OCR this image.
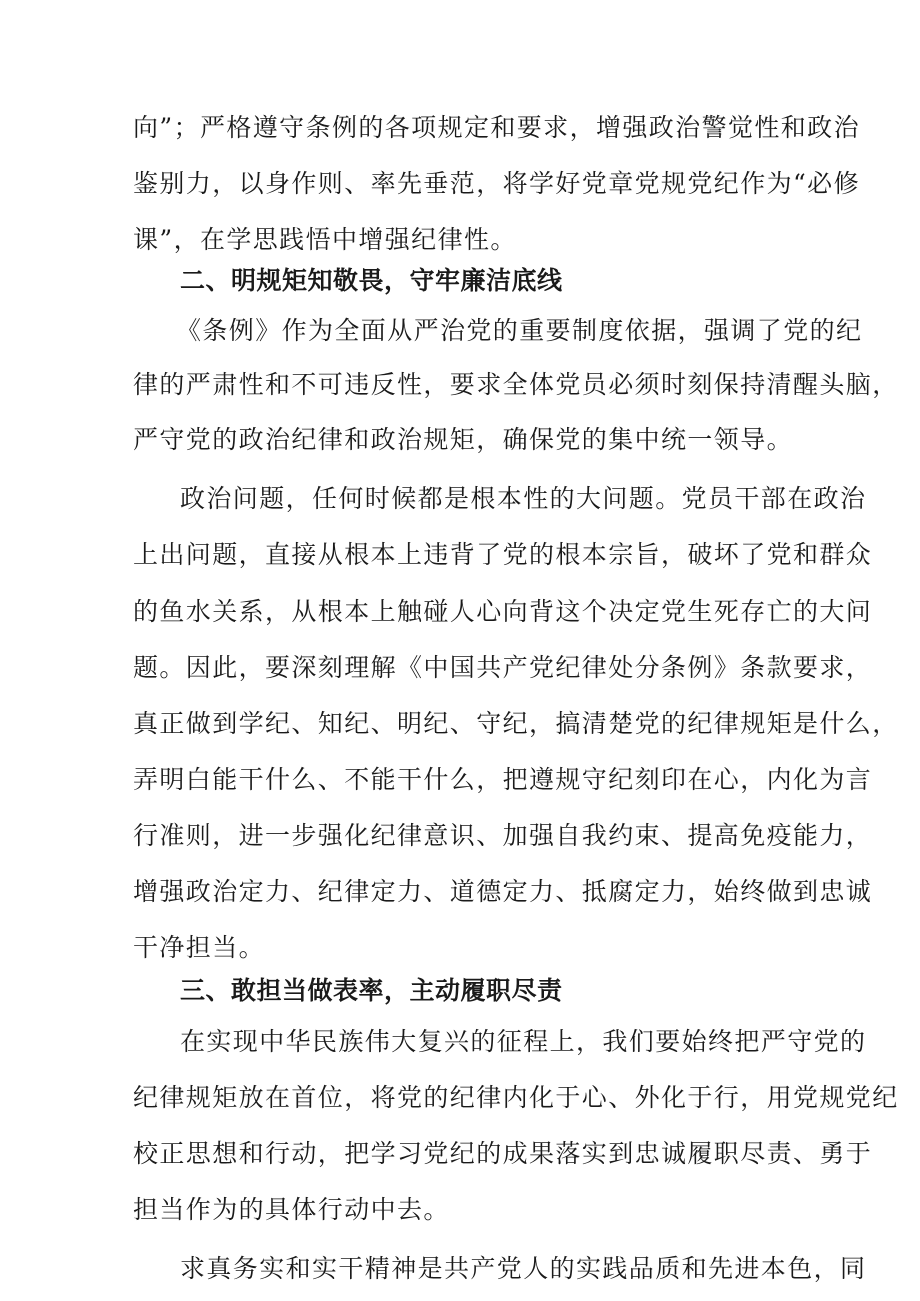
向”；严格遵守条例的各项规定和要求，增强政治警觉性和政治
鉴别力，以身作则、率先垂范，将学好党章党规党纪作为“必修
课”，在学思践悟中增强纪律性。
二、明规矩知敬畏，守牢廉洁底线
《条例》作为全面从严治党的重要制度依据，强调了党的纪
律的严肃性和不可违反性，要求全体党员必须时刻保持清醒头脑，
严守党的政治纪律和政治规矩，确保党的集中统一领导。
政治问题，任何时候都是根本性的大问题。党员干部在政治
上出问题，直接从根本上违背了党的根本宗旨，破坏了党和群众
的鱼水关系，从根本上触碰人心向背这个决定党生死存亡的大问
题。因此，要深刻理解《中国共产党纪律处分条例》条款要求，
真正做到学纪、知纪、明纪、守纪，搞清楚党的纪律规矩是什么，
弄明白能干什么、不能干什么，把遵规守纪刻印在心，内化为言
行准则，进一步强化纪律意识、加强自我约束、提高免疫能力，
增强政治定力、纪律定力、道德定力、抵腐定力，始终做到忠诚
干净担当。
三、敢担当做表率，主动履职尽责
在实现中华民族伟大复兴的征程上，我们要始终把严守党的
纪律规矩放在首位，将党的纪律内化于心、外化于行，用党规党纪
校正思想和行动，把学习党纪的成果落实到忠诚履职尽责、勇于
担当作为的具体行动中去。
求真务实和实干精神是共产党人的实践品质和先进本色，同
